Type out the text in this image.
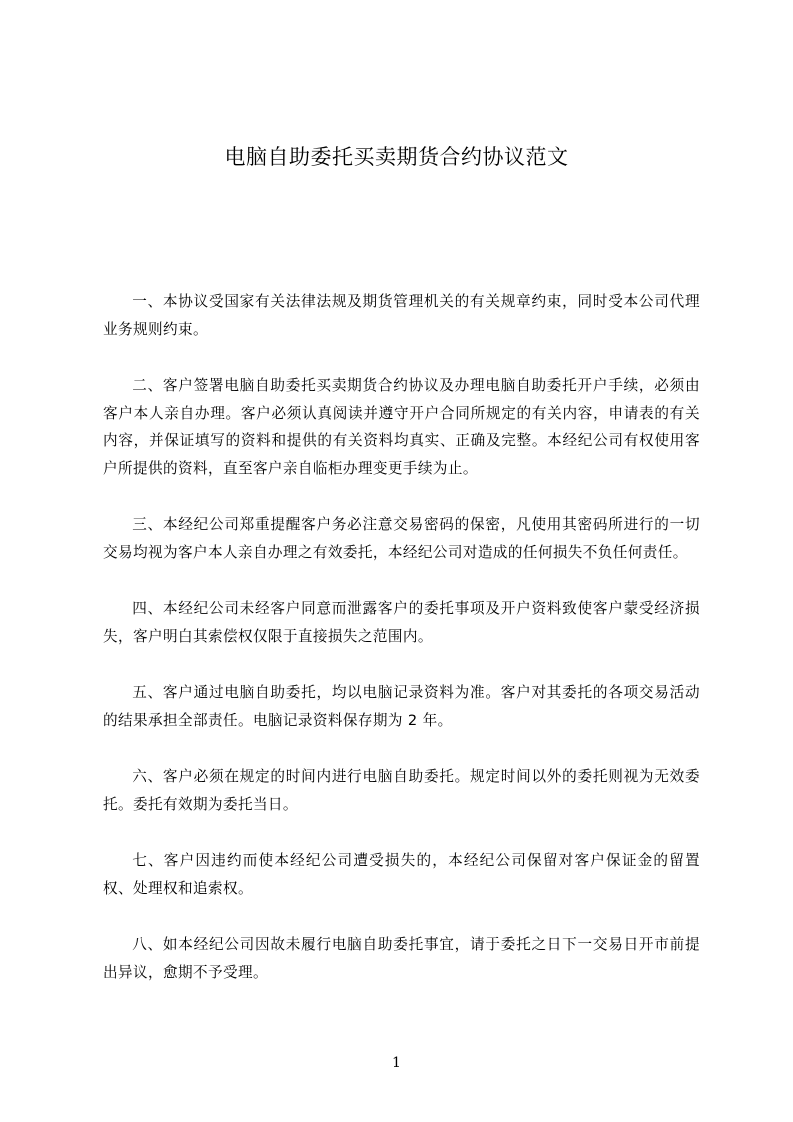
电脑自助委托买卖期货合约协议范文

一、本协议受国家有关法律法规及期货管理机关的有关规章约束，同时受本公司代理业务规则约束。

二、客户签署电脑自助委托买卖期货合约协议及办理电脑自助委托开户手续，必须由客户本人亲自办理。客户必须认真阅读并遵守开户合同所规定的有关内容，申请表的有关内容，并保证填写的资料和提供的有关资料均真实、正确及完整。本经纪公司有权使用客户所提供的资料，直至客户亲自临柜办理变更手续为止。

三、本经纪公司郑重提醒客户务必注意交易密码的保密，凡使用其密码所进行的一切交易均视为客户本人亲自办理之有效委托，本经纪公司对造成的任何损失不负任何责任。

四、本经纪公司未经客户同意而泄露客户的委托事项及开户资料致使客户蒙受经济损失，客户明白其索偿权仅限于直接损失之范围内。

五、客户通过电脑自助委托，均以电脑记录资料为准。客户对其委托的各项交易活动的结果承担全部责任。电脑记录资料保存期为 2 年。

六、客户必须在规定的时间内进行电脑自助委托。规定时间以外的委托则视为无效委托。委托有效期为委托当日。

七、客户因违约而使本经纪公司遭受损失的，本经纪公司保留对客户保证金的留置权、处理权和追索权。

八、如本经纪公司因故未履行电脑自助委托事宜，请于委托之日下一交易日开市前提出异议，愈期不予受理。

1
